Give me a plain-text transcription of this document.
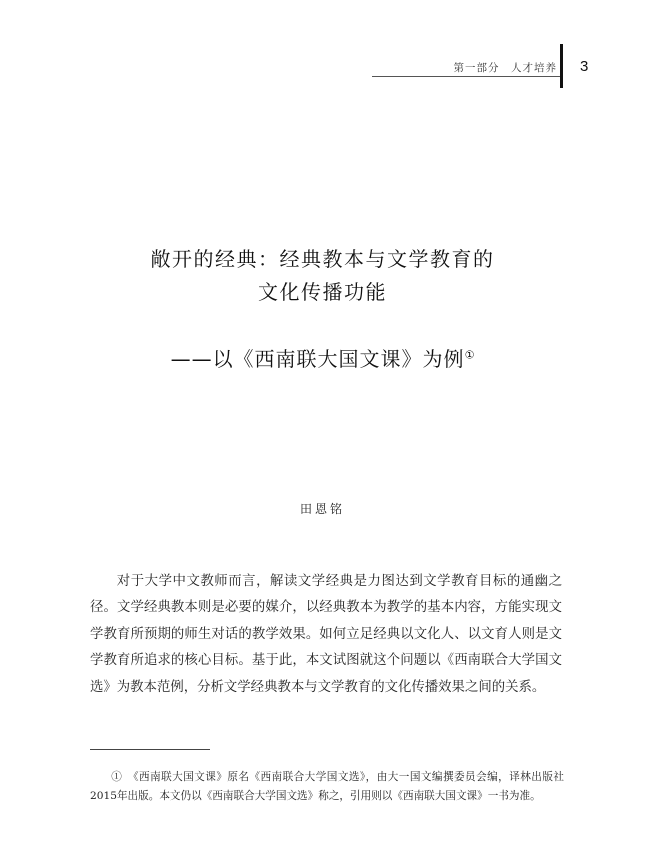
第一部分　人才培养 3
敞开的经典：经典教本与文学教育的
文化传播功能
——以《西南联大国文课》为例①
田恩铭

对于大学中文教师而言，解读文学经典是力图达到文学教育目标的通幽之径。文学经典教本则是必要的媒介，以经典教本为教学的基本内容，方能实现文学教育所预期的师生对话的教学效果。如何立足经典以文化人、以文育人则是文学教育所追求的核心目标。基于此，本文试图就这个问题以《西南联合大学国文选》为教本范例，分析文学经典教本与文学教育的文化传播效果之间的关系。

①　《西南联大国文课》原名《西南联合大学国文选》，由大一国文编撰委员会编，译林出版社2015年出版。本文仍以《西南联合大学国文选》称之，引用则以《西南联大国文课》一书为准。
